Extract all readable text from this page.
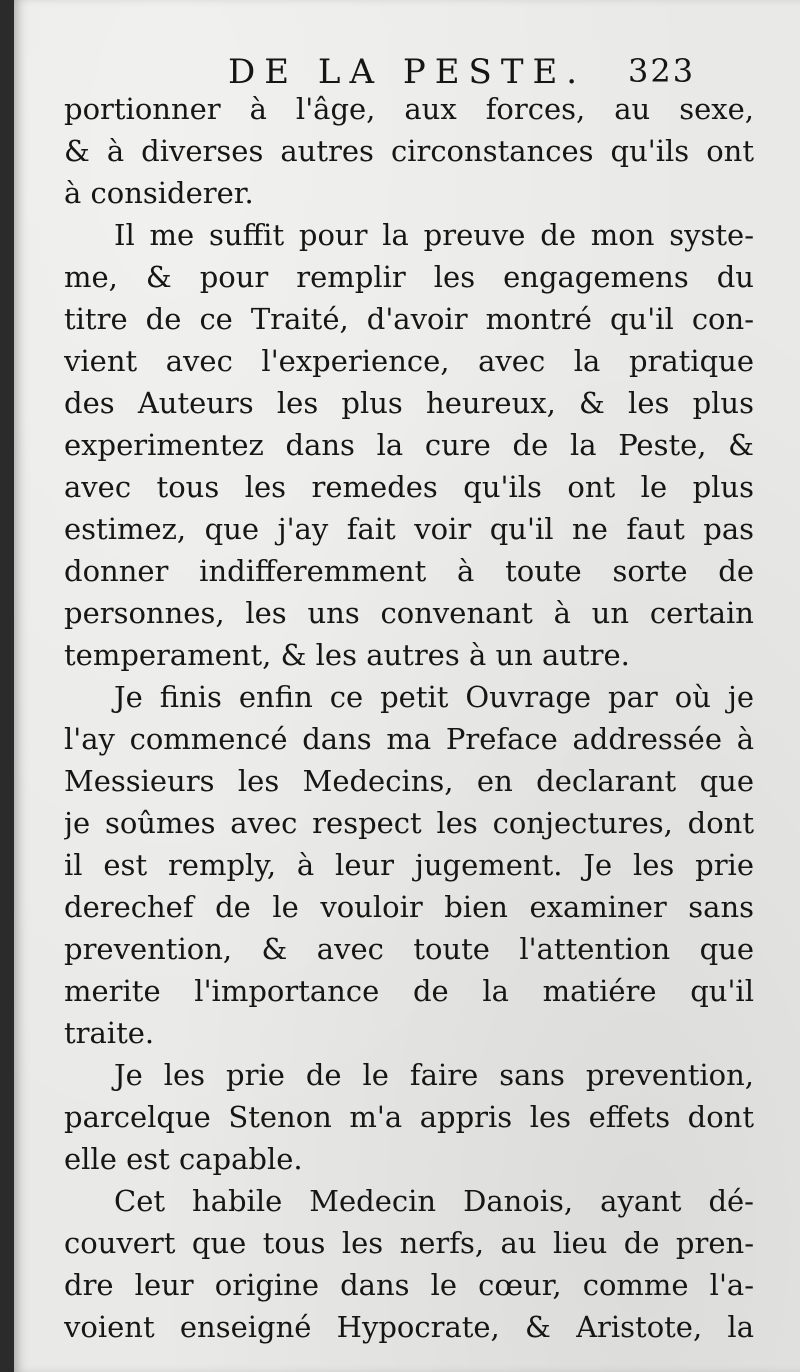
DE LA PESTE. 323
portionner à l'âge, aux forces, au sexe,
& à diverses autres circonstances qu'ils ont
à considerer.
Il me suffit pour la preuve de mon syste-
me, & pour remplir les engagemens du
titre de ce Traité, d'avoir montré qu'il con-
vient avec l'experience, avec la pratique
des Auteurs les plus heureux, & les plus
experimentez dans la cure de la Peste, &
avec tous les remedes qu'ils ont le plus
estimez, que j'ay fait voir qu'il ne faut pas
donner indifferemment à toute sorte de
personnes, les uns convenant à un certain
temperament, & les autres à un autre.
Je finis enfin ce petit Ouvrage par où je
l'ay commencé dans ma Preface addressée à
Messieurs les Medecins, en declarant que
je soûmes avec respect les conjectures, dont
il est remply, à leur jugement. Je les prie
derechef de le vouloir bien examiner sans
prevention, & avec toute l'attention que
merite l'importance de la matiére qu'il
traite.
Je les prie de le faire sans prevention,
parcelque Stenon m'a appris les effets dont
elle est capable.
Cet habile Medecin Danois, ayant dé-
couvert que tous les nerfs, au lieu de pren-
dre leur origine dans le cœur, comme l'a-
voient enseigné Hypocrate, & Aristote, la
